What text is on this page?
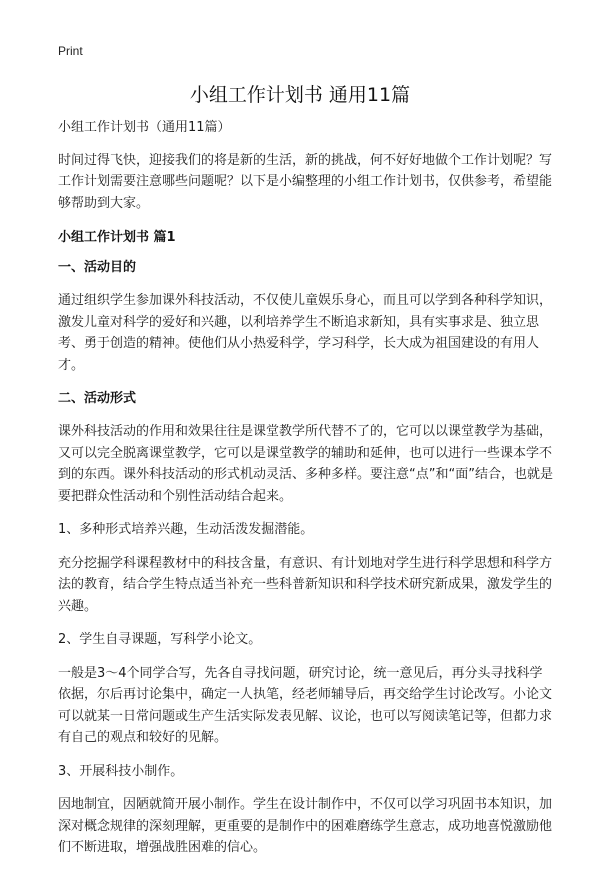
Print
小组工作计划书 通用11篇

小组工作计划书（通用11篇）

时间过得飞快，迎接我们的将是新的生活，新的挑战，何不好好地做个工作计划呢？写工作计划需要注意哪些问题呢？以下是小编整理的小组工作计划书，仅供参考，希望能够帮助到大家。

小组工作计划书 篇1
一、活动目的

通过组织学生参加课外科技活动，不仅使儿童娱乐身心，而且可以学到各种科学知识，激发儿童对科学的爱好和兴趣，以利培养学生不断追求新知，具有实事求是、独立思考、勇于创造的精神。使他们从小热爱科学，学习科学，长大成为祖国建设的有用人才。

二、活动形式

课外科技活动的作用和效果往往是课堂教学所代替不了的，它可以以课堂教学为基础，又可以完全脱离课堂教学，它可以是课堂教学的辅助和延伸，也可以进行一些课本学不到的东西。课外科技活动的形式机动灵活、多种多样。要注意“点”和“面”结合，也就是要把群众性活动和个别性活动结合起来。

1、多种形式培养兴趣，生动活泼发掘潜能。

充分挖掘学科课程教材中的科技含量，有意识、有计划地对学生进行科学思想和科学方法的教育，结合学生特点适当补充一些科普新知识和科学技术研究新成果，激发学生的兴趣。

2、学生自寻课题，写科学小论文。

一般是3～4个同学合写，先各自寻找问题，研究讨论，统一意见后，再分头寻找科学依据，尔后再讨论集中，确定一人执笔，经老师辅导后，再交给学生讨论改写。小论文可以就某一日常问题或生产生活实际发表见解、议论，也可以写阅读笔记等，但都力求有自己的观点和较好的见解。

3、开展科技小制作。

因地制宜，因陋就简开展小制作。学生在设计制作中，不仅可以学习巩固书本知识，加深对概念规律的深刻理解，更重要的是制作中的困难磨练学生意志，成功地喜悦激励他们不断进取，增强战胜困难的信心。
